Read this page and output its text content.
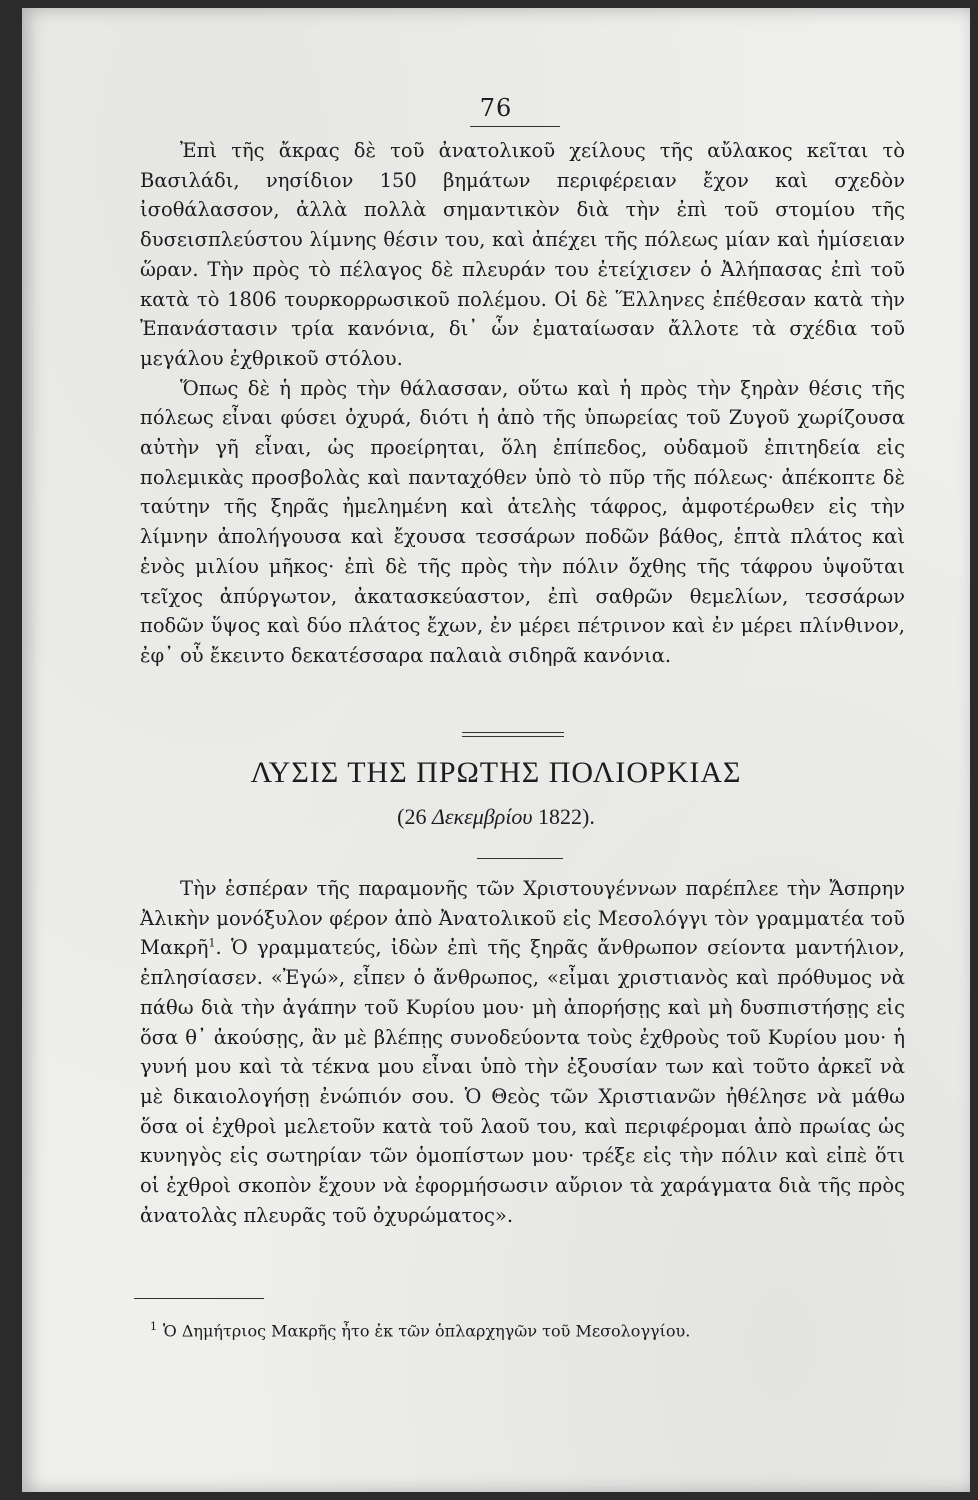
76

Ἐπὶ τῆς ἄκρας δὲ τοῦ ἀνατολικοῦ χείλους τῆς αὔλακος κεῖται τὸ Βασιλάδι, νησίδιον 150 βημάτων περιφέρειαν ἔχον καὶ σχεδὸν ἰσοθάλασσον, ἀλλὰ πολλὰ σημαντικὸν διὰ τὴν ἐπὶ τοῦ στομίου τῆς δυσεισπλεύστου λίμνης θέσιν του, καὶ ἀπέχει τῆς πόλεως μίαν καὶ ἡμίσειαν ὥραν. Τὴν πρὸς τὸ πέλαγος δὲ πλευράν του ἐτείχισεν ὁ Ἀλήπασας ἐπὶ τοῦ κατὰ τὸ 1806 τουρκορρωσικοῦ πολέμου. Οἱ δὲ Ἕλληνες ἐπέθεσαν κατὰ τὴν Ἐπανάστασιν τρία κανόνια, δι᾽ ὧν ἐματαίωσαν ἄλλοτε τὰ σχέδια τοῦ μεγάλου ἐχθρικοῦ στόλου.

Ὅπως δὲ ἡ πρὸς τὴν θάλασσαν, οὕτω καὶ ἡ πρὸς τὴν ξηρὰν θέσις τῆς πόλεως εἶναι φύσει ὀχυρά, διότι ἡ ἀπὸ τῆς ὑπωρείας τοῦ Ζυγοῦ χωρίζουσα αὐτὴν γῆ εἶναι, ὡς προείρηται, ὅλη ἐπίπεδος, οὐδαμοῦ ἐπιτηδεία εἰς πολεμικὰς προσβολὰς καὶ πανταχόθεν ὑπὸ τὸ πῦρ τῆς πόλεως· ἀπέκοπτε δὲ ταύτην τῆς ξηρᾶς ἠμελημένη καὶ ἀτελὴς τάφρος, ἀμφοτέρωθεν εἰς τὴν λίμνην ἀπολήγουσα καὶ ἔχουσα τεσσάρων ποδῶν βάθος, ἑπτὰ πλάτος καὶ ἑνὸς μιλίου μῆκος· ἐπὶ δὲ τῆς πρὸς τὴν πόλιν ὄχθης τῆς τάφρου ὑψοῦται τεῖχος ἀπύργωτον, ἀκατασκεύαστον, ἐπὶ σαθρῶν θεμελίων, τεσσάρων ποδῶν ὕψος καὶ δύο πλάτος ἔχων, ἐν μέρει πέτρινον καὶ ἐν μέρει πλίνθινον, ἐφ᾽ οὗ ἔκειντο δεκατέσσαρα παλαιὰ σιδηρᾶ κανόνια.

ΛΥΣΙΣ ΤΗΣ ΠΡΩΤΗΣ ΠΟΛΙΟΡΚΙΑΣ
(26 Δεκεμβρίου 1822).

Τὴν ἑσπέραν τῆς παραμονῆς τῶν Χριστουγέννων παρέπλεε τὴν Ἄσπρην Ἀλικὴν μονόξυλον φέρον ἀπὸ Ἀνατολικοῦ εἰς Μεσολόγγι τὸν γραμματέα τοῦ Μακρῆ$^1$. Ὁ γραμματεύς, ἰδὼν ἐπὶ τῆς ξηρᾶς ἄνθρωπον σείοντα μαντήλιον, ἐπλησίασεν. «Ἐγώ», εἶπεν ὁ ἄνθρωπος, «εἶμαι χριστιανὸς καὶ πρόθυμος νὰ πάθω διὰ τὴν ἀγάπην τοῦ Κυρίου μου· μὴ ἀπορήσῃς καὶ μὴ δυσπιστήσῃς εἰς ὅσα θ᾽ ἀκούσῃς, ἂν μὲ βλέπῃς συνοδεύοντα τοὺς ἐχθροὺς τοῦ Κυρίου μου· ἡ γυνή μου καὶ τὰ τέκνα μου εἶναι ὑπὸ τὴν ἐξουσίαν των καὶ τοῦτο ἀρκεῖ νὰ μὲ δικαιολογήσῃ ἐνώπιόν σου. Ὁ Θεὸς τῶν Χριστιανῶν ἠθέλησε νὰ μάθω ὅσα οἱ ἐχθροὶ μελετοῦν κατὰ τοῦ λαοῦ του, καὶ περιφέρομαι ἀπὸ πρωίας ὡς κυνηγὸς εἰς σωτηρίαν τῶν ὁμοπίστων μου· τρέξε εἰς τὴν πόλιν καὶ εἰπὲ ὅτι οἱ ἐχθροὶ σκοπὸν ἔχουν νὰ ἐφορμήσωσιν αὔριον τὰ χαράγματα διὰ τῆς πρὸς ἀνατολὰς πλευρᾶς τοῦ ὀχυρώματος».

$^1$ Ὁ Δημήτριος Μακρῆς ἦτο ἐκ τῶν ὁπλαρχηγῶν τοῦ Μεσολογγίου.
